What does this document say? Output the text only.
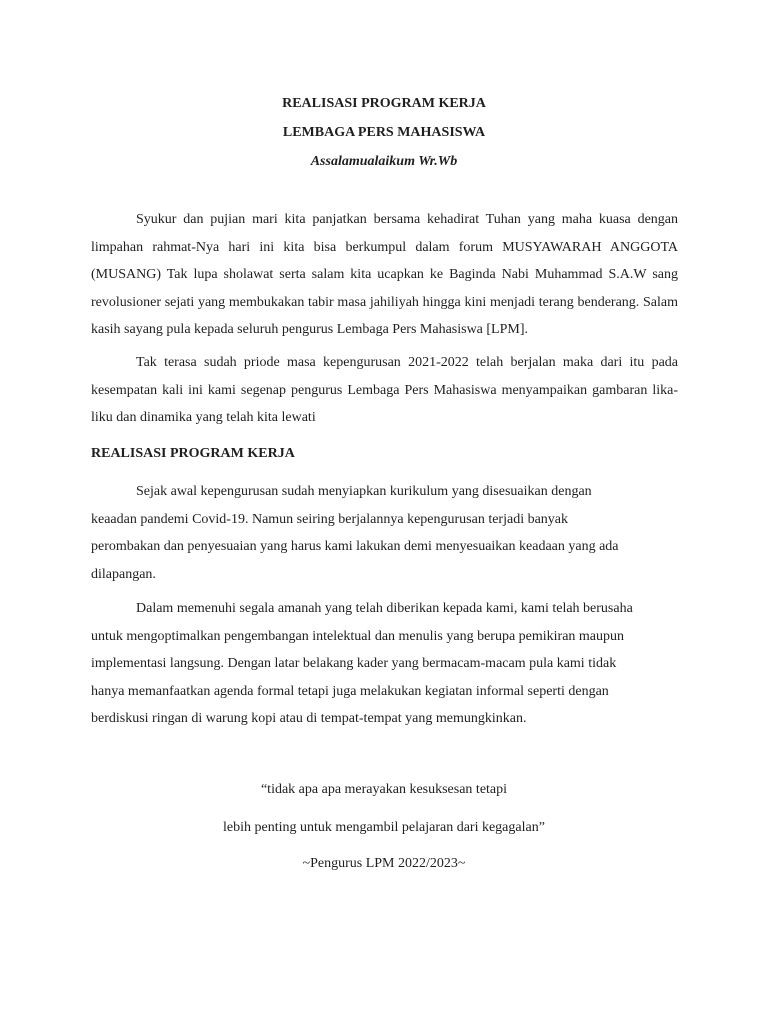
REALISASI PROGRAM KERJA
LEMBAGA PERS MAHASISWA
Assalamualaikum Wr.Wb
Syukur dan pujian mari kita panjatkan bersama kehadirat Tuhan yang maha kuasa dengan limpahan rahmat-Nya hari ini kita bisa berkumpul dalam forum MUSYAWARAH ANGGOTA (MUSANG) Tak lupa sholawat serta salam kita ucapkan ke Baginda Nabi Muhammad S.A.W sang revolusioner sejati yang membukakan tabir masa jahiliyah hingga kini menjadi terang benderang. Salam kasih sayang pula kepada seluruh pengurus Lembaga Pers Mahasiswa [LPM].
Tak terasa sudah priode masa kepengurusan 2021-2022 telah berjalan maka dari itu pada kesempatan kali ini kami segenap pengurus Lembaga Pers Mahasiswa menyampaikan gambaran lika-liku dan dinamika yang telah kita lewati
REALISASI PROGRAM KERJA
Sejak awal kepengurusan sudah menyiapkan kurikulum yang disesuaikan dengan
keaadan pandemi Covid-19. Namun seiring berjalannya kepengurusan terjadi banyak
perombakan dan penyesuaian yang harus kami lakukan demi menyesuaikan keadaan yang ada
dilapangan.
Dalam memenuhi segala amanah yang telah diberikan kepada kami, kami telah berusaha
untuk mengoptimalkan pengembangan intelektual dan menulis yang berupa pemikiran maupun
implementasi langsung. Dengan latar belakang kader yang bermacam-macam pula kami tidak
hanya memanfaatkan agenda formal tetapi juga melakukan kegiatan informal seperti dengan
berdiskusi ringan di warung kopi atau di tempat-tempat yang memungkinkan.
“tidak apa apa merayakan kesuksesan tetapi
lebih penting untuk mengambil pelajaran dari kegagalan”
~Pengurus LPM 2022/2023~
